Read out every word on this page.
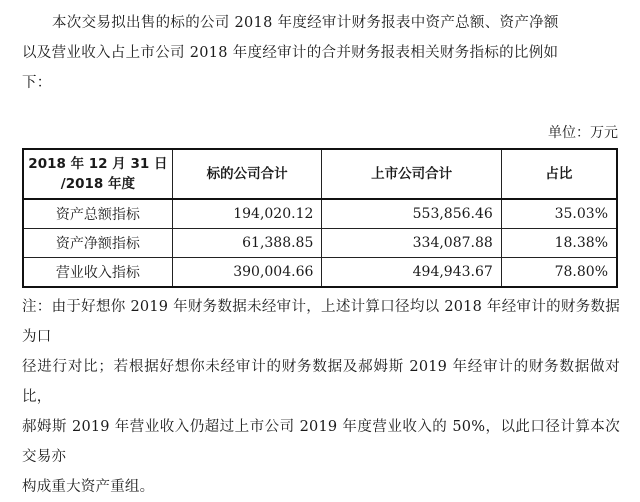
本次交易拟出售的标的公司 2018 年度经审计财务报表中资产总额、资产净额
以及营业收入占上市公司 2018 年度经审计的合并财务报表相关财务指标的比例如
下：
单位：万元
2018 年 12 月 31 日
/2018 年度	标的公司合计	上市公司合计	占比
资产总额指标	194,020.12	553,856.46	35.03%
资产净额指标	61,388.85	334,087.88	18.38%
营业收入指标	390,004.66	494,943.67	78.80%
注：由于好想你 2019 年财务数据未经审计，上述计算口径均以 2018 年经审计的财务数据为口
径进行对比；若根据好想你未经审计的财务数据及郝姆斯 2019 年经审计的财务数据做对比，
郝姆斯 2019 年营业收入仍超过上市公司 2019 年度营业收入的 50%，以此口径计算本次交易亦
构成重大资产重组。
